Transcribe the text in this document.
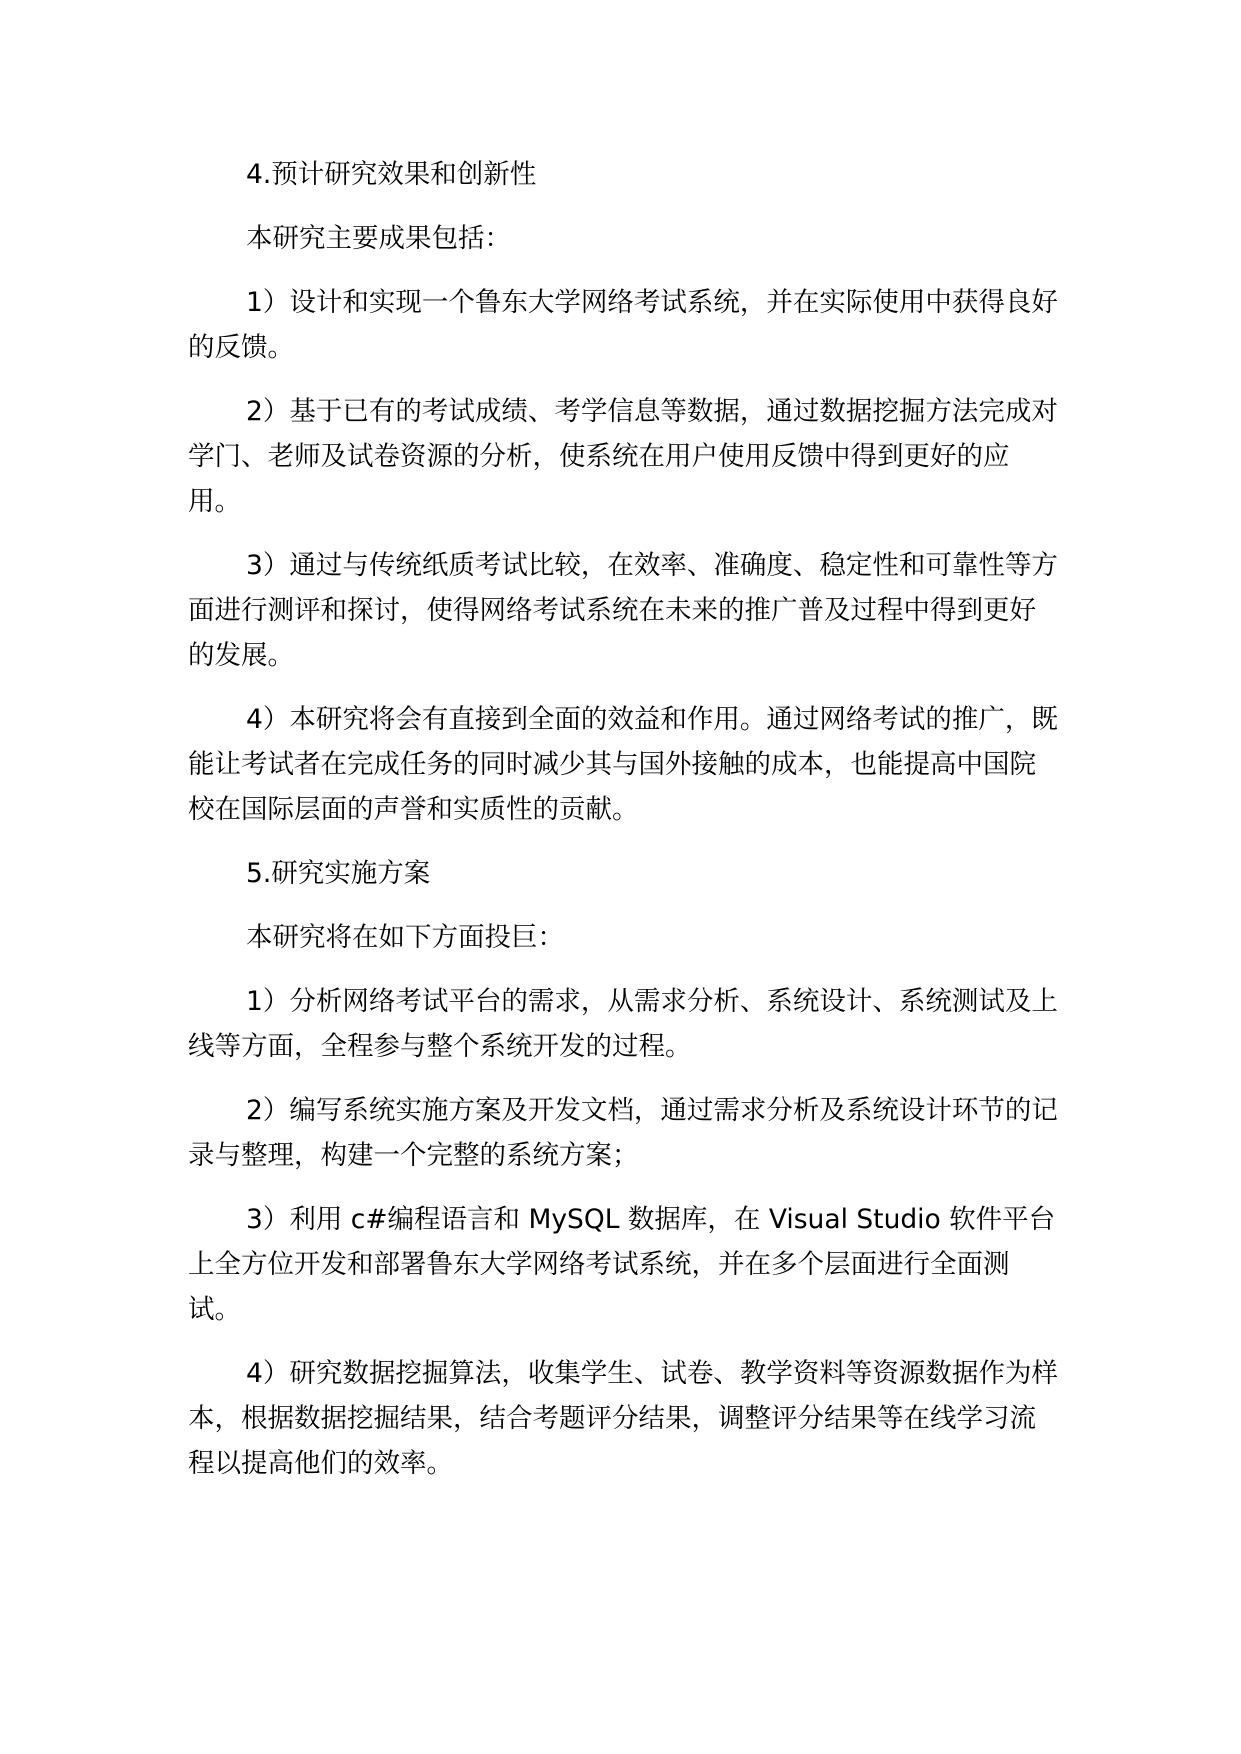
4.预计研究效果和创新性

本研究主要成果包括：

1）设计和实现一个鲁东大学网络考试系统，并在实际使用中获得良好的反馈。

2）基于已有的考试成绩、考学信息等数据，通过数据挖掘方法完成对学门、老师及试卷资源的分析，使系统在用户使用反馈中得到更好的应用。

3）通过与传统纸质考试比较，在效率、准确度、稳定性和可靠性等方面进行测评和探讨，使得网络考试系统在未来的推广普及过程中得到更好的发展。

4）本研究将会有直接到全面的效益和作用。通过网络考试的推广，既能让考试者在完成任务的同时减少其与国外接触的成本，也能提高中国院校在国际层面的声誉和实质性的贡献。

5.研究实施方案

本研究将在如下方面投巨：

1）分析网络考试平台的需求，从需求分析、系统设计、系统测试及上线等方面，全程参与整个系统开发的过程。

2）编写系统实施方案及开发文档，通过需求分析及系统设计环节的记录与整理，构建一个完整的系统方案；

3）利用 c#编程语言和 MySQL 数据库，在 Visual Studio 软件平台上全方位开发和部署鲁东大学网络考试系统，并在多个层面进行全面测试。

4）研究数据挖掘算法，收集学生、试卷、教学资料等资源数据作为样本，根据数据挖掘结果，结合考题评分结果，调整评分结果等在线学习流程以提高他们的效率。
